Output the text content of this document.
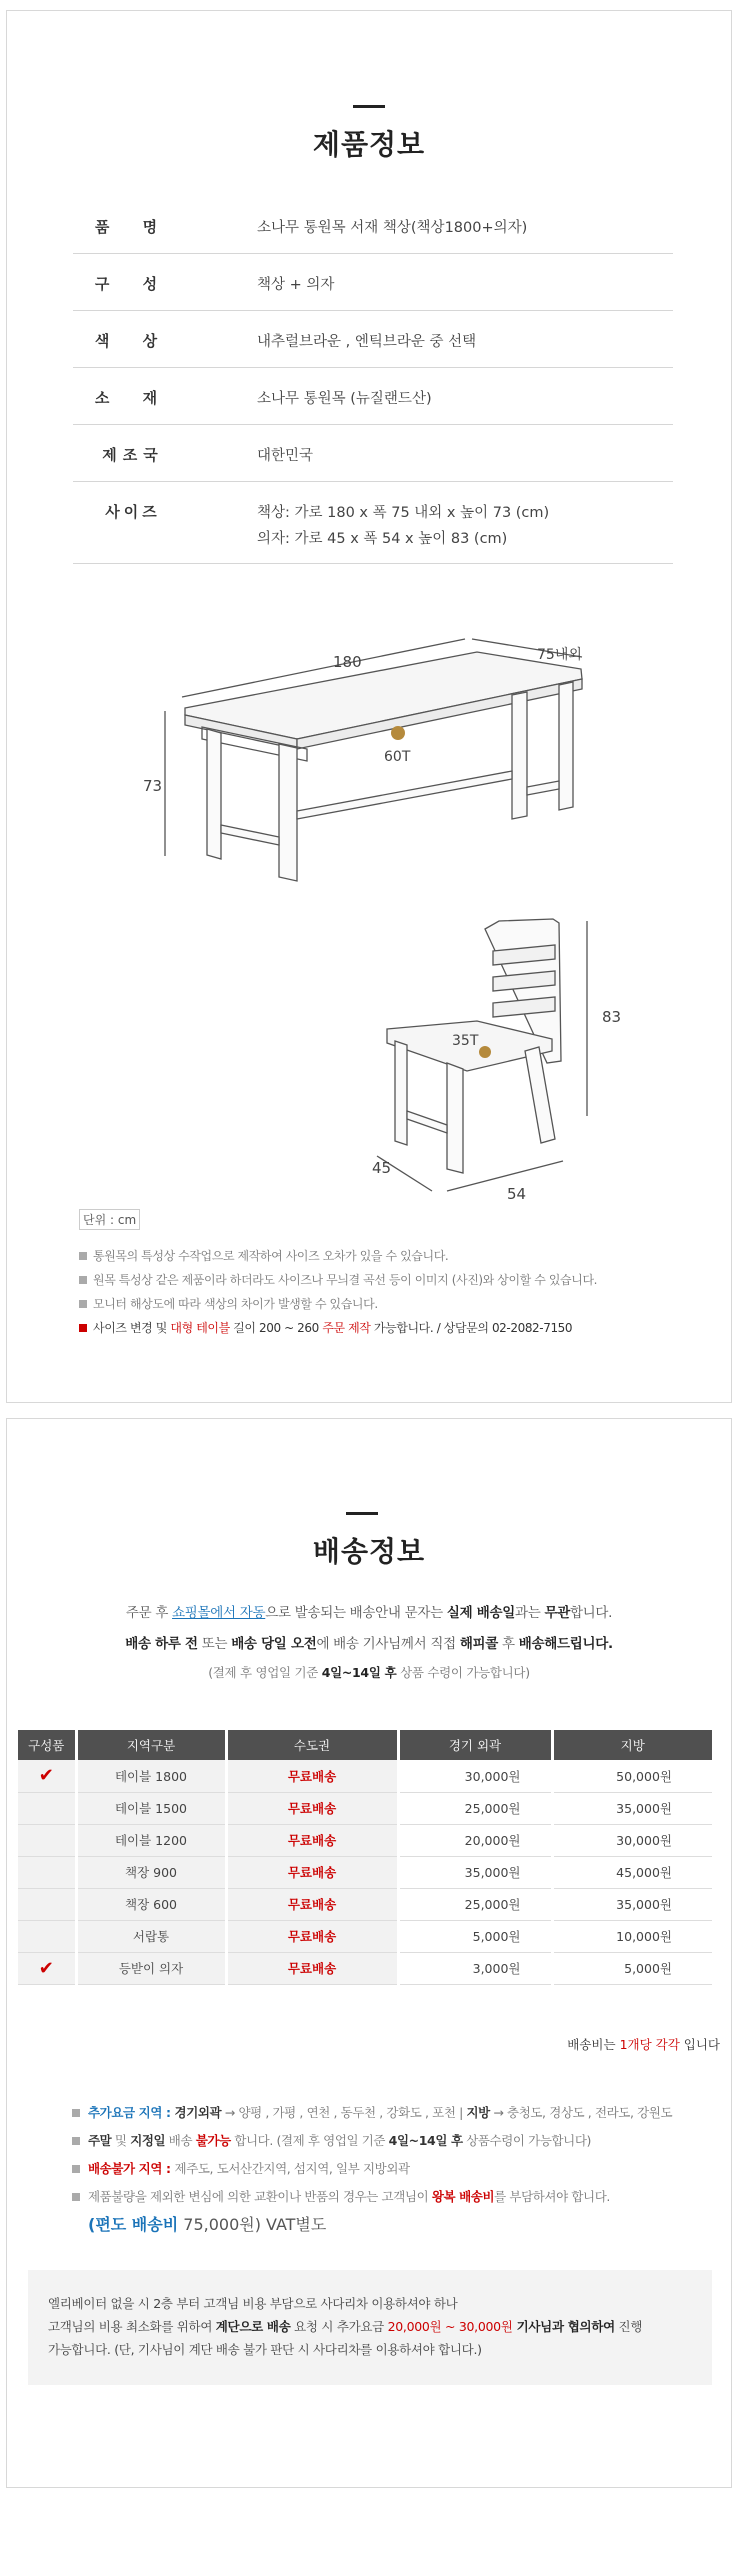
제품정보
품 명	소나무 통원목 서재 책상(책상1800+의자)
구 성	책상 + 의자
색 상	내추럴브라운 , 엔틱브라운 중 선택
소 재	소나무 통원목 (뉴질랜드산)
제조국	대한민국
사이즈	책상: 가로 180 x 폭 75 내외 x 높이 73 (cm)
의자: 가로 45 x 폭 54 x 높이 83 (cm)
180	75내외
73
60T
83
35T
45
54
단위 : cm
통원목의 특성상 수작업으로 제작하여 사이즈 오차가 있을 수 있습니다.
원목 특성상 같은 제품이라 하더라도 사이즈나 무늬결 곡선 등이 이미지 (사진)와 상이할 수 있습니다.
모니터 해상도에 따라 색상의 차이가 발생할 수 있습니다.
사이즈 변경 및 대형 테이블 길이 200 ~ 260 주문 제작 가능합니다. / 상담문의 02-2082-7150
배송정보
주문 후 쇼핑몰에서 자동으로 발송되는 배송안내 문자는 실제 배송일과는 무관합니다.
배송 하루 전 또는 배송 당일 오전에 배송 기사님께서 직접 해피콜 후 배송해드립니다.
(결제 후 영업일 기준 4일~14일 후 상품 수령이 가능합니다)
구성품	지역구분	수도권	경기 외곽	지방
✔	테이블 1800	무료배송	30,000원	50,000원
	테이블 1500	무료배송	25,000원	35,000원
	테이블 1200	무료배송	20,000원	30,000원
	책장 900	무료배송	35,000원	45,000원
	책장 600	무료배송	25,000원	35,000원
	서랍통	무료배송	5,000원	10,000원
✔	등받이 의자	무료배송	3,000원	5,000원
배송비는 1개당 각각 입니다
추가요금 지역 : 경기외곽 → 양평 , 가평 , 연천 , 동두천 , 강화도 , 포천 | 지방 → 충청도, 경상도 , 전라도, 강원도
주말 및 지정일 배송 불가능 합니다. (결제 후 영업일 기준 4일~14일 후 상품수령이 가능합니다)
배송불가 지역 : 제주도, 도서산간지역, 섬지역, 일부 지방외곽
제품불량을 제외한 변심에 의한 교환이나 반품의 경우는 고객님이 왕복 배송비를 부담하셔야 합니다.
(편도 배송비 75,000원) VAT별도
엘리베이터 없을 시 2층 부터 고객님 비용 부담으로 사다리차 이용하셔야 하나
고객님의 비용 최소화를 위하여 계단으로 배송 요청 시 추가요금 20,000원 ~ 30,000원 기사님과 협의하여 진행
가능합니다. (단, 기사님이 계단 배송 불가 판단 시 사다리차를 이용하셔야 합니다.)
